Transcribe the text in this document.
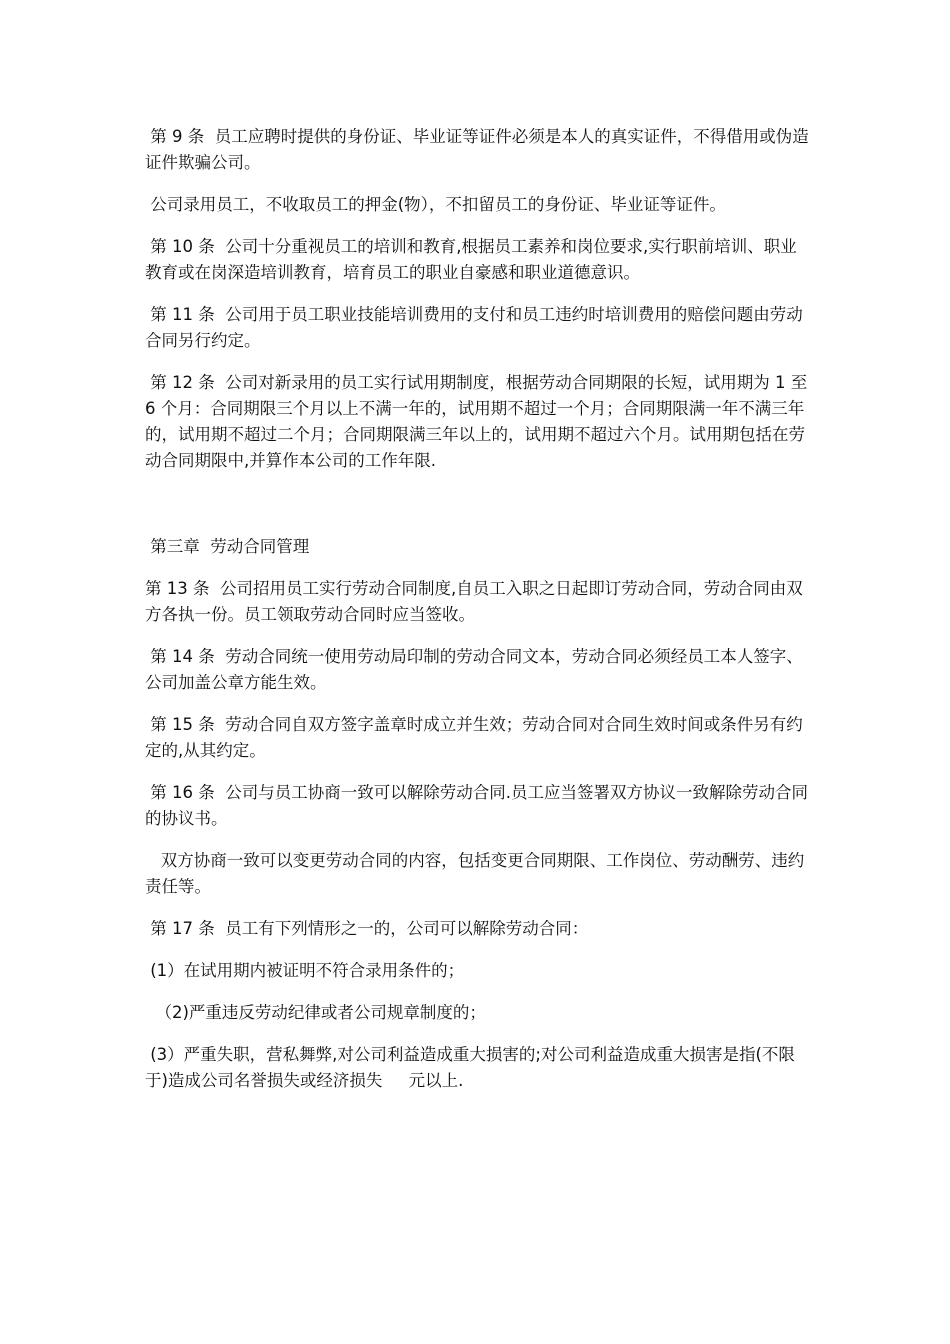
第 9 条  员工应聘时提供的身份证、毕业证等证件必须是本人的真实证件，不得借用或伪造证件欺骗公司。

公司录用员工，不收取员工的押金(物），不扣留员工的身份证、毕业证等证件。

第 10 条  公司十分重视员工的培训和教育,根据员工素养和岗位要求,实行职前培训、职业教育或在岗深造培训教育，培育员工的职业自豪感和职业道德意识。

第 11 条  公司用于员工职业技能培训费用的支付和员工违约时培训费用的赔偿问题由劳动合同另行约定。

第 12 条  公司对新录用的员工实行试用期制度，根据劳动合同期限的长短，试用期为 1 至 6 个月：合同期限三个月以上不满一年的，试用期不超过一个月；合同期限满一年不满三年的，试用期不超过二个月；合同期限满三年以上的，试用期不超过六个月。试用期包括在劳动合同期限中,并算作本公司的工作年限.

第三章  劳动合同管理

第 13 条  公司招用员工实行劳动合同制度,自员工入职之日起即订劳动合同，劳动合同由双方各执一份。员工领取劳动合同时应当签收。

第 14 条  劳动合同统一使用劳动局印制的劳动合同文本，劳动合同必须经员工本人签字、公司加盖公章方能生效。

第 15 条  劳动合同自双方签字盖章时成立并生效；劳动合同对合同生效时间或条件另有约定的,从其约定。

第 16 条  公司与员工协商一致可以解除劳动合同.员工应当签署双方协议一致解除劳动合同的协议书。

双方协商一致可以变更劳动合同的内容，包括变更合同期限、工作岗位、劳动酬劳、违约责任等。

第 17 条  员工有下列情形之一的，公司可以解除劳动合同：

(1）在试用期内被证明不符合录用条件的；

（2)严重违反劳动纪律或者公司规章制度的；

(3）严重失职，营私舞弊,对公司利益造成重大损害的;对公司利益造成重大损害是指(不限于)造成公司名誉损失或经济损失     元以上.
